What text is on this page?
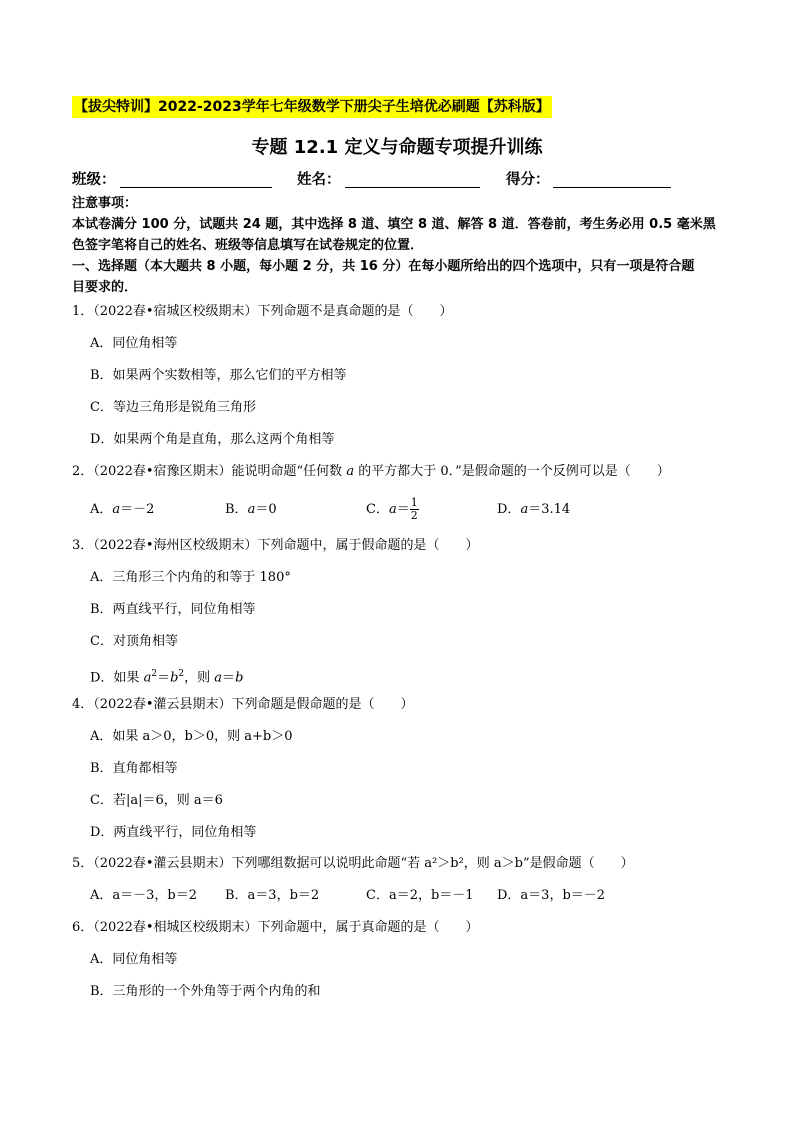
【拔尖特训】2022-2023学年七年级数学下册尖子生培优必刷题【苏科版】
专题 12.1 定义与命题专项提升训练
班级：	姓名：	得分：
注意事项：
本试卷满分 100 分，试题共 24 题，其中选择 8 道、填空 8 道、解答 8 道．答卷前，考生务必用 0.5 毫米黑
色签字笔将自己的姓名、班级等信息填写在试卷规定的位置．
一、选择题（本大题共 8 小题，每小题 2 分，共 16 分）在每小题所给出的四个选项中，只有一项是符合题
目要求的．
1．（2022春•宿城区校级期末）下列命题不是真命题的是（　　）
A．同位角相等
B．如果两个实数相等，那么它们的平方相等
C．等边三角形是锐角三角形
D．如果两个角是直角，那么这两个角相等
2．（2022春•宿豫区期末）能说明命题“任何数 a 的平方都大于 0．”是假命题的一个反例可以是（　　）
A．a＝－2	B．a＝0	C．$a= \frac{1}{2}$	D．a＝3.14
3．（2022春•海州区校级期末）下列命题中，属于假命题的是（　　）
A．三角形三个内角的和等于 180°
B．两直线平行，同位角相等
C．对顶角相等
D．如果 $a^2=b^2$，则 a＝b
4．（2022春•灌云县期末）下列命题是假命题的是（　　）
A．如果 a＞0，b＞0，则 a+b＞0
B．直角都相等
C．若|a|＝6，则 a＝6
D．两直线平行，同位角相等
5．（2022春•灌云县期末）下列哪组数据可以说明此命题“若 a²＞b²，则 a＞b”是假命题（　　）
A．a＝－3，b＝2 B．a＝3，b＝2	C．a＝2，b＝－1 D．a＝3，b＝－2
6．（2022春•相城区校级期末）下列命题中，属于真命题的是（　　）
A．同位角相等
B．三角形的一个外角等于两个内角的和
